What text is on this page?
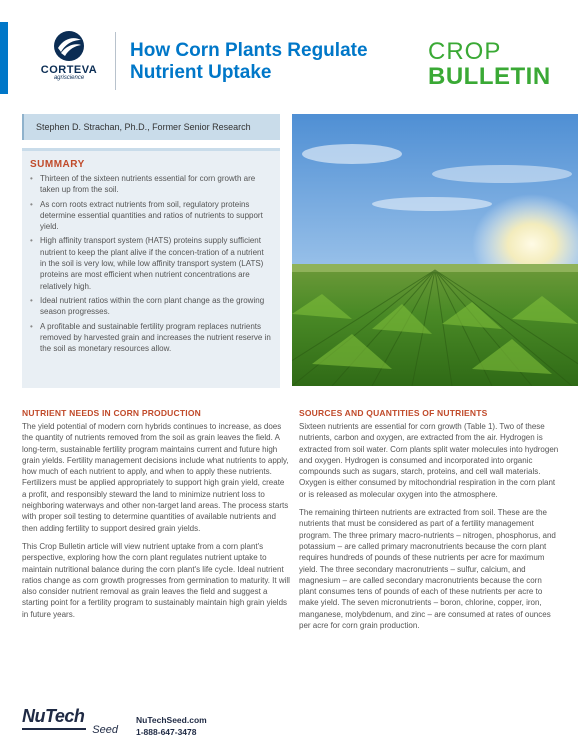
CORTEVA
agriscience
How Corn Plants Regulate Nutrient Uptake
CROP
BULLETIN
Stephen D. Strachan, Ph.D., Former Senior Research
SUMMARY
• Thirteen of the sixteen nutrients essential for corn growth are taken up from the soil.
• As corn roots extract nutrients from soil, regulatory proteins determine essential quantities and ratios of nutrients to support yield.
• High affinity transport system (HATS) proteins supply sufficient nutrient to keep the plant alive if the concen-tration of a nutrient in the soil is very low, while low affinity transport system (LATS) proteins are most efficient when nutrient concentrations are relatively high.
• Ideal nutrient ratios within the corn plant change as the growing season progresses.
• A profitable and sustainable fertility program replaces nutrients removed by harvested grain and increases the nutrient reserve in the soil as monetary resources allow.
NUTRIENT NEEDS IN CORN PRODUCTION

The yield potential of modern corn hybrids continues to increase, as does the quantity of nutrients removed from the soil as grain leaves the field. A long-term, sustainable fertility program maintains current and future high grain yields. Fertility management decisions include what nutrients to apply, how much of each nutrient to apply, and when to apply these nutrients. Fertilizers must be applied appropriately to support high grain yield, create a profit, and responsibly steward the land to minimize nutrient loss to neighboring waterways and other non-target land areas. The process starts with proper soil testing to determine quantities of available nutrients and then adding fertility to support desired grain yields.

This Crop Bulletin article will view nutrient uptake from a corn plant's perspective, exploring how the corn plant regulates nutrient uptake to maintain nutritional balance during the corn plant's life cycle. Ideal nutrient ratios change as corn growth progresses from germination to maturity. It will also consider nutrient removal as grain leaves the field and suggest a starting point for a fertility program to sustainably maintain high grain yields in future years.

SOURCES AND QUANTITIES OF NUTRIENTS

Sixteen nutrients are essential for corn growth (Table 1). Two of these nutrients, carbon and oxygen, are extracted from the air. Hydrogen is extracted from soil water. Corn plants split water molecules into hydrogen and oxygen. Hydrogen is consumed and incorporated into organic compounds such as sugars, starch, proteins, and cell wall materials. Oxygen is either consumed by mitochondrial respiration in the corn plant or is released as molecular oxygen into the atmosphere.

The remaining thirteen nutrients are extracted from soil. These are the nutrients that must be considered as part of a fertility management program. The three primary macro-nutrients – nitrogen, phosphorus, and potassium – are called primary macronutrients because the corn plant requires hundreds of pounds of these nutrients per acre for maximum yield. The three secondary macronutrients – sulfur, calcium, and magnesium – are called secondary macronutrients because the corn plant consumes tens of pounds of each of these nutrients per acre to make yield. The seven micronutrients – boron, chlorine, copper, iron, manganese, molybdenum, and zinc – are consumed at rates of ounces per acre for corn grain production.

NuTech
Seed
NuTechSeed.com
1-888-647-3478
